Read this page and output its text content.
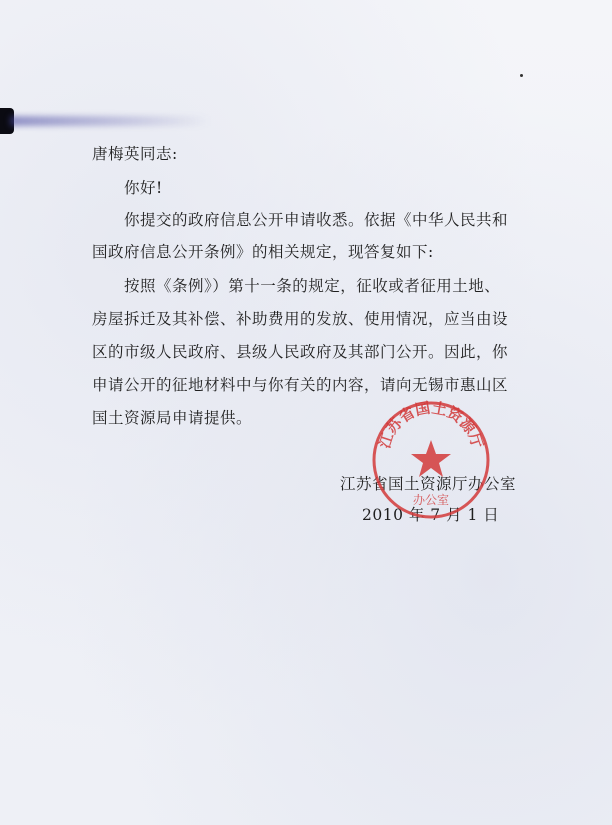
唐梅英同志:
你好!
你提交的政府信息公开申请收悉。依据《中华人民共和
国政府信息公开条例》的相关规定，现答复如下:
按照《条例》）第十一条的规定，征收或者征用土地、
房屋拆迁及其补偿、补助费用的发放、使用情况，应当由设
区的市级人民政府、县级人民政府及其部门公开。因此，你
申请公开的征地材料中与你有关的内容，请向无锡市惠山区
国土资源局申请提供。
江苏省国土资源厅办公室
2010 年 7 月 1 日
江苏省国土资源厅
办公室
